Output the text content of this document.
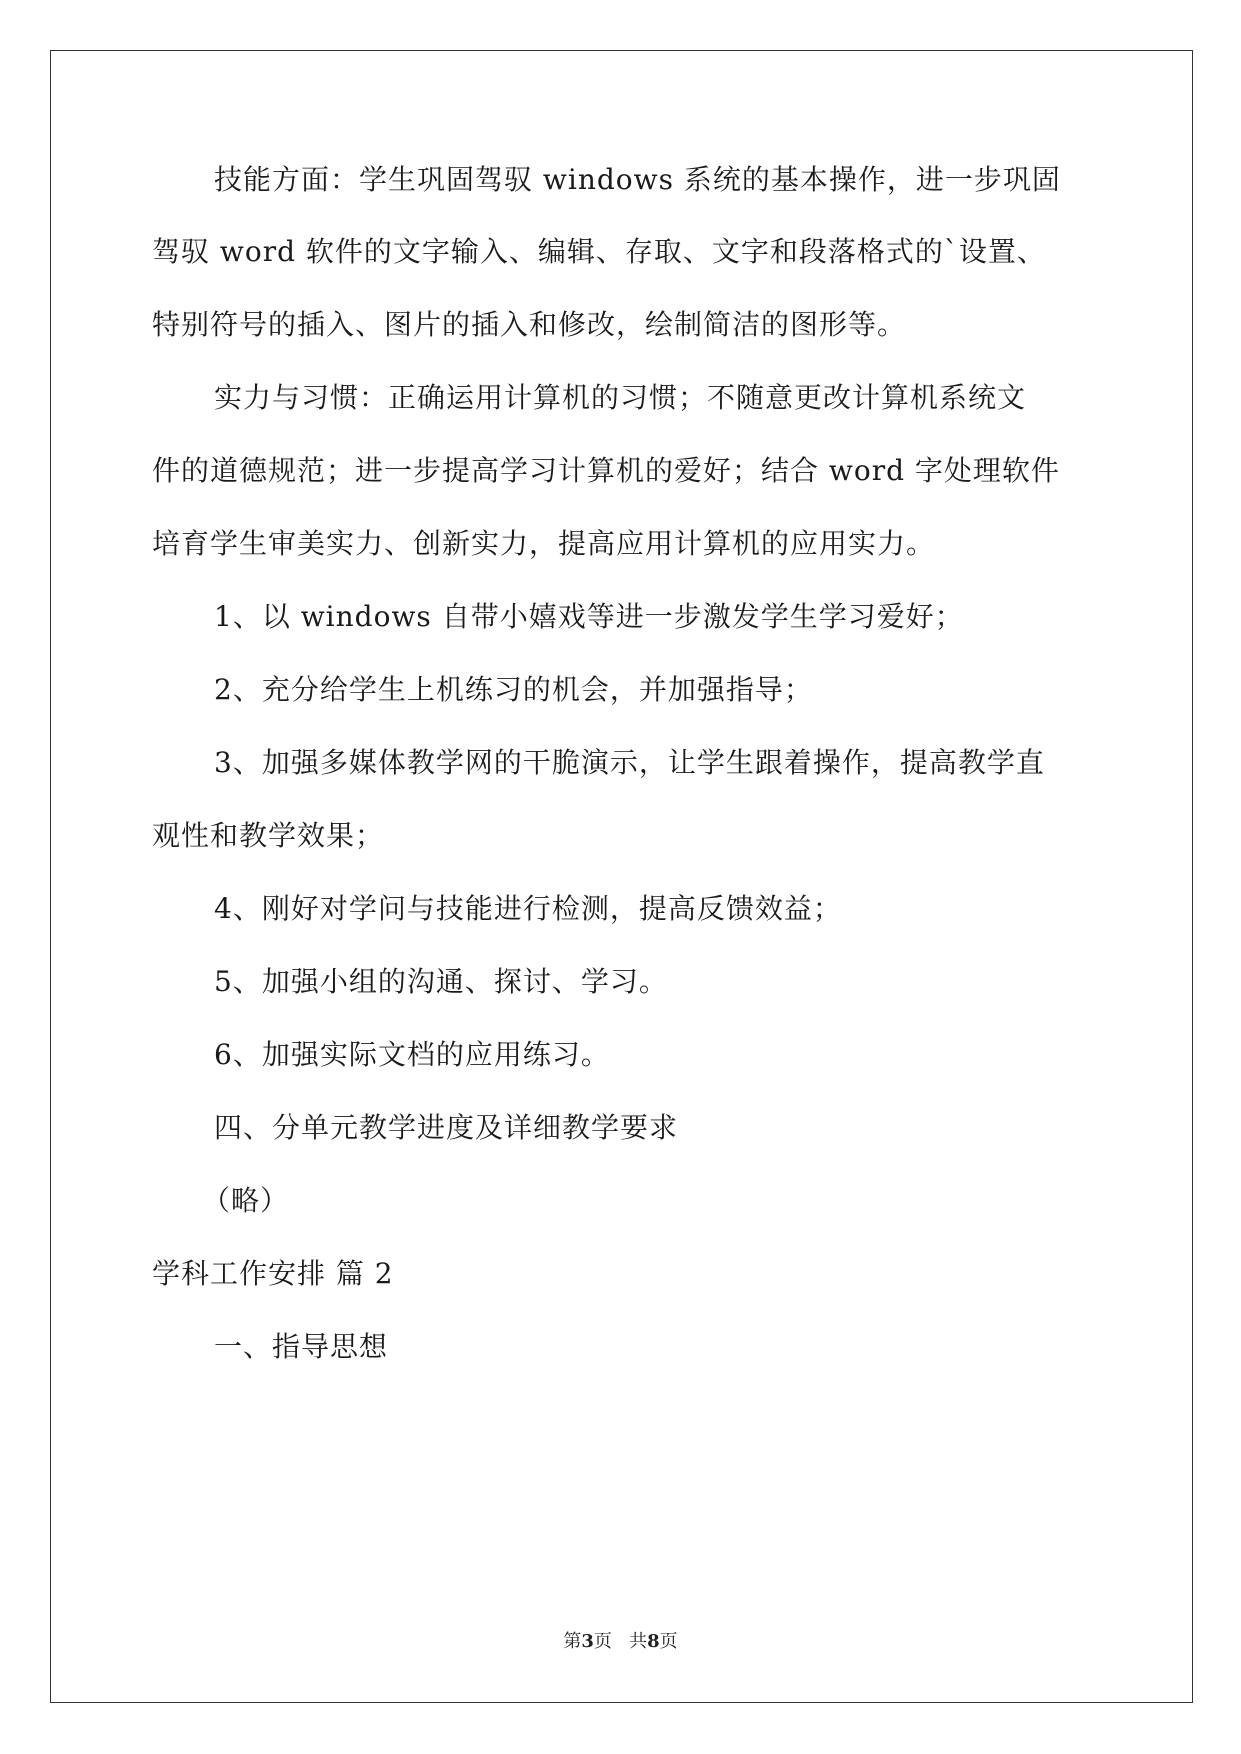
技能方面：学生巩固驾驭 windows 系统的基本操作，进一步巩固
驾驭 word 软件的文字输入、编辑、存取、文字和段落格式的`设置、
特别符号的插入、图片的插入和修改，绘制简洁的图形等。
实力与习惯：正确运用计算机的习惯；不随意更改计算机系统文
件的道德规范；进一步提高学习计算机的爱好；结合 word 字处理软件
培育学生审美实力、创新实力，提高应用计算机的应用实力。
1、以 windows 自带小嬉戏等进一步激发学生学习爱好；
2、充分给学生上机练习的机会，并加强指导；
3、加强多媒体教学网的干脆演示，让学生跟着操作，提高教学直
观性和教学效果；
4、刚好对学问与技能进行检测，提高反馈效益；
5、加强小组的沟通、探讨、学习。
6、加强实际文档的应用练习。
四、分单元教学进度及详细教学要求
（略）
学科工作安排 篇 2
一、指导思想
第3页   共8页
